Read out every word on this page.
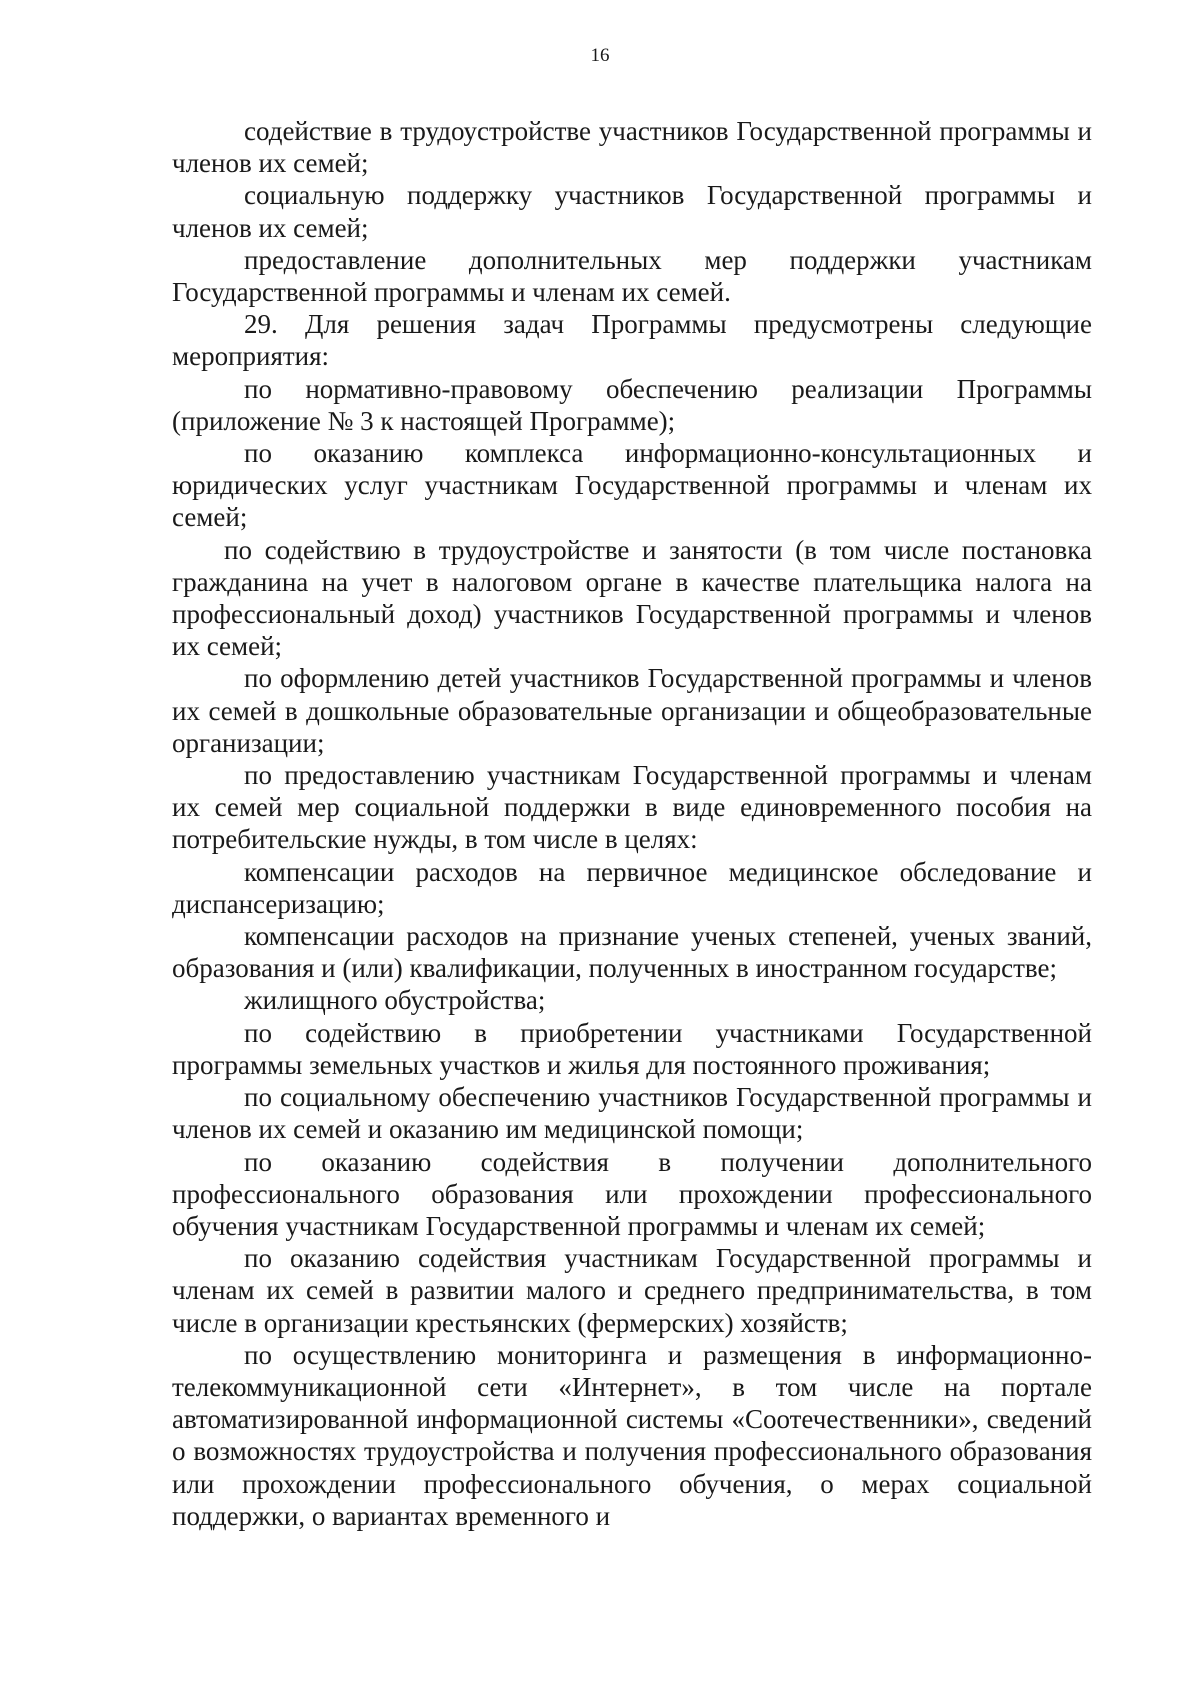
16

содействие в трудоустройстве участников Государственной программы и членов их семей;

социальную поддержку участников Государственной программы и членов их семей;

предоставление дополнительных мер поддержки участникам Государственной программы и членам их семей.

29. Для решения задач Программы предусмотрены следующие мероприятия:

по нормативно-правовому обеспечению реализации Программы (приложение № 3 к настоящей Программе);

по оказанию комплекса информационно-консультационных и юридических услуг участникам Государственной программы и членам их семей;

по содействию в трудоустройстве и занятости (в том числе постановка гражданина на учет в налоговом органе в качестве плательщика налога на профессиональный доход) участников Государственной программы и членов их семей;

по оформлению детей участников Государственной программы и членов их семей в дошкольные образовательные организации и общеобразовательные организации;

по предоставлению участникам Государственной программы и членам их семей мер социальной поддержки в виде единовременного пособия на потребительские нужды, в том числе в целях:

компенсации расходов на первичное медицинское обследование и диспансеризацию;

компенсации расходов на признание ученых степеней, ученых званий, образования и (или) квалификации, полученных в иностранном государстве;

жилищного обустройства;

по содействию в приобретении участниками Государственной программы земельных участков и жилья для постоянного проживания;

по социальному обеспечению участников Государственной программы и членов их семей и оказанию им медицинской помощи;

по оказанию содействия в получении дополнительного профессионального образования или прохождении профессионального обучения участникам Государственной программы и членам их семей;

по оказанию содействия участникам Государственной программы и членам их семей в развитии малого и среднего предпринимательства, в том числе в организации крестьянских (фермерских) хозяйств;

по осуществлению мониторинга и размещения в информационно-телекоммуникационной сети «Интернет», в том числе на портале автоматизированной информационной системы «Соотечественники», сведений о возможностях трудоустройства и получения профессионального образования или прохождении профессионального обучения, о мерах социальной поддержки, о вариантах временного и
